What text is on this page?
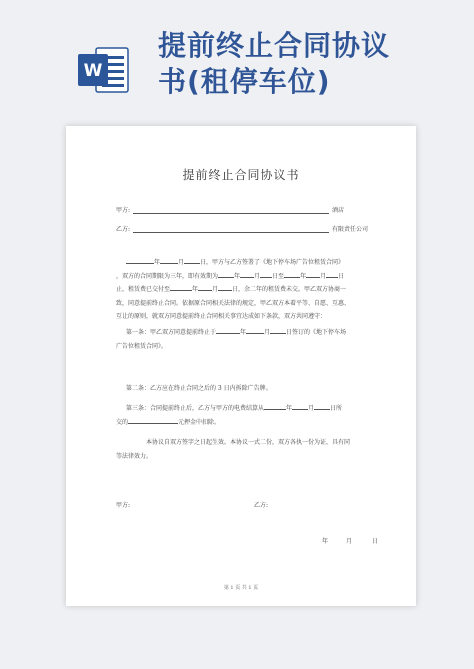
W
提前终止合同协议
书(租停车位)
提前终止合同协议书
甲方:	酒店
乙方:	有限责任公司
年	月	日，甲方与乙方签署了《地下停车场广告位租赁合同》
，双方的合同期限为三年，即有效期为	年 月 日至	年 月 日
止，租赁费已交付至	年 月 日，余二年的租赁费未交。甲乙双方协商一
致，同意提前终止合同。依据原合同相关法律的规定，甲乙双方本着平等、自愿、互惠、
互让的原则，就双方同意提前终止合同相关事宜达成如下条款，双方共同遵守：
第一条：甲乙双方同意提前终止于	年	月	日签订的《地下停车场
广告位租赁合同》。
第二条：乙方应在终止合同之后的 3 日内拆除广告牌。
第三条：合同提前终止后，乙方与甲方的电费结算从	年	月	日所
交的	元押金中扣除。
本协议自双方签字之日起生效。本协议一式二份，双方各执一份为证，具有同
等法律效力。
甲方:	乙方:
年	月	日
第 1 页 共 1 页
